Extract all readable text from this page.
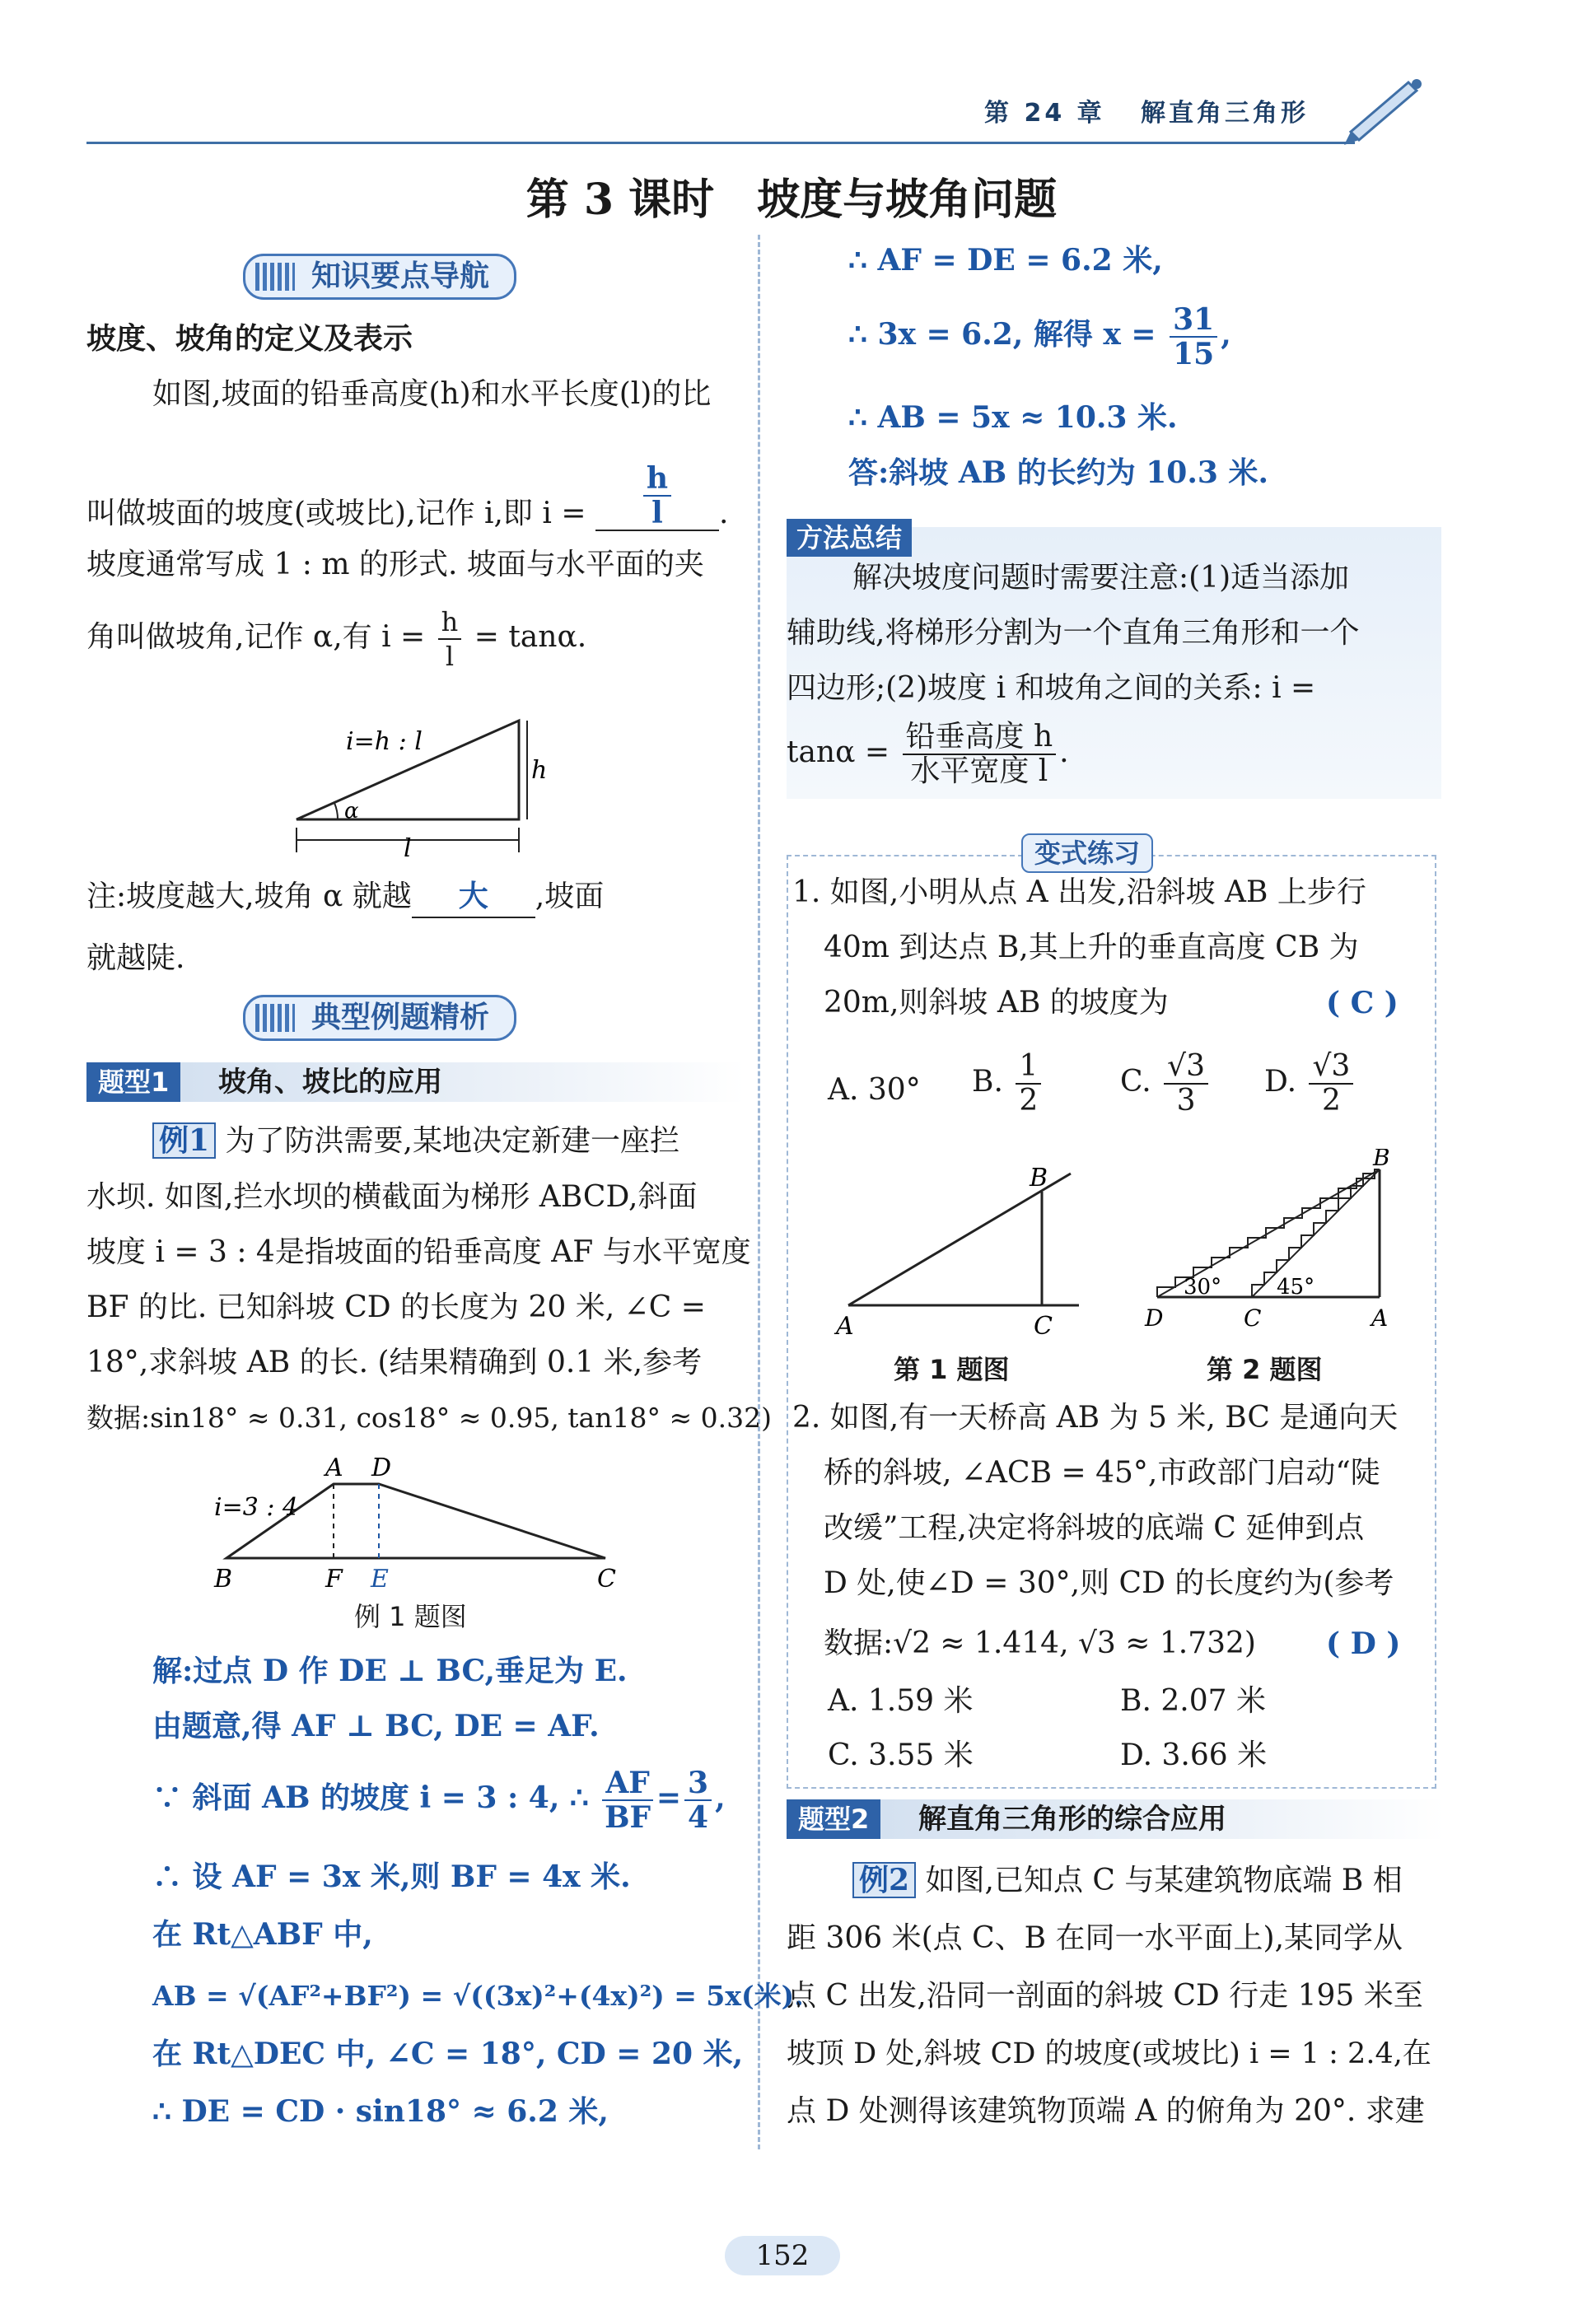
第 24 章 解直角三角形
第 3 课时　坡度与坡角问题
知识要点导航
坡度、坡角的定义及表示
如图,坡面的铅垂高度(h)和水平长度(l)的比
叫做坡面的坡度(或坡比),记作 i,即 $i = \frac{h}{l}$ .
坡度通常写成 1 : m 的形式. 坡面与水平面的夹
角叫做坡角,记作 α,有 $i = \frac{h}{l} = \tan\alpha$.
i=h : l
α
h
l
注:坡度越大,坡角 α 就越 大 ,坡面
就越陡.
典型例题精析
题型1	坡角、坡比的应用
例1 为了防洪需要,某地决定新建一座拦
水坝. 如图,拦水坝的横截面为梯形 ABCD,斜面
坡度 i = 3 : 4是指坡面的铅垂高度 AF 与水平宽度
BF 的比. 已知斜坡 CD 的长度为 20 米, ∠C =
18°,求斜坡 AB 的长. (结果精确到 0.1 米,参考
数据:sin18° ≈ 0.31, cos18° ≈ 0.95, tan18° ≈ 0.32)
A D
B	F E	C
i=3 : 4
例 1 题图
解:过点 D 作 DE ⊥ BC,垂足为 E.
由题意,得 AF ⊥ BC, DE = AF.
∵ 斜面 AB 的坡度 i = 3 : 4, ∴ $\frac{AF}{BF} = \frac{3}{4}$ ,
∴ 设 AF = 3x 米,则 BF = 4x 米.
在 Rt△ABF 中,
AB = √(AF²+BF²) = √((3x)²+(4x)²) = 5x(米).
在 Rt△DEC 中, ∠C = 18°, CD = 20 米,
∴ DE = CD · sin18° ≈ 6.2 米,
∴ AF = DE = 6.2 米,
∴ 3x = 6.2, 解得 $x = \frac{31}{15}$ ,
∴ AB = 5x ≈ 10.3 米.
答:斜坡 AB 的长约为 10.3 米.
方法总结
解决坡度问题时需要注意:(1)适当添加
辅助线,将梯形分割为一个直角三角形和一个
四边形;(2)坡度 i 和坡角之间的关系: i =
$\tan\alpha = \frac{\text{铅垂高度 h}}{\text{水平宽度 l}}$ .
变式练习
1. 如图,小明从点 A 出发,沿斜坡 AB 上步行
40m 到达点 B,其上升的垂直高度 CB 为
20m,则斜坡 AB 的坡度为	( C )
A. 30° B. $\frac{1}{2}$	C. $\frac{√3}{3} D$. $\frac{√3}{2}$
B
A	C
第 1 题图
B
D	C	A
30°	45°
第 2 题图
2. 如图,有一天桥高 AB 为 5 米, BC 是通向天
桥的斜坡, ∠ACB = 45°,市政部门启动“陡
改缓”工程,决定将斜坡的底端 C 延伸到点
D 处,使∠D = 30°,则 CD 的长度约为(参考
数据:√2 ≈ 1.414, √3 ≈ 1.732) ( D )
A. 1.59 米	B. 2.07 米
C. 3.55 米	D. 3.66 米
题型2	解直角三角形的综合应用
例2 如图,已知点 C 与某建筑物底端 B 相
距 306 米(点 C、B 在同一水平面上),某同学从
点 C 出发,沿同一剖面的斜坡 CD 行走 195 米至
坡顶 D 处,斜坡 CD 的坡度(或坡比) i = 1 : 2.4,在
点 D 处测得该建筑物顶端 A 的俯角为 20°. 求建
152
